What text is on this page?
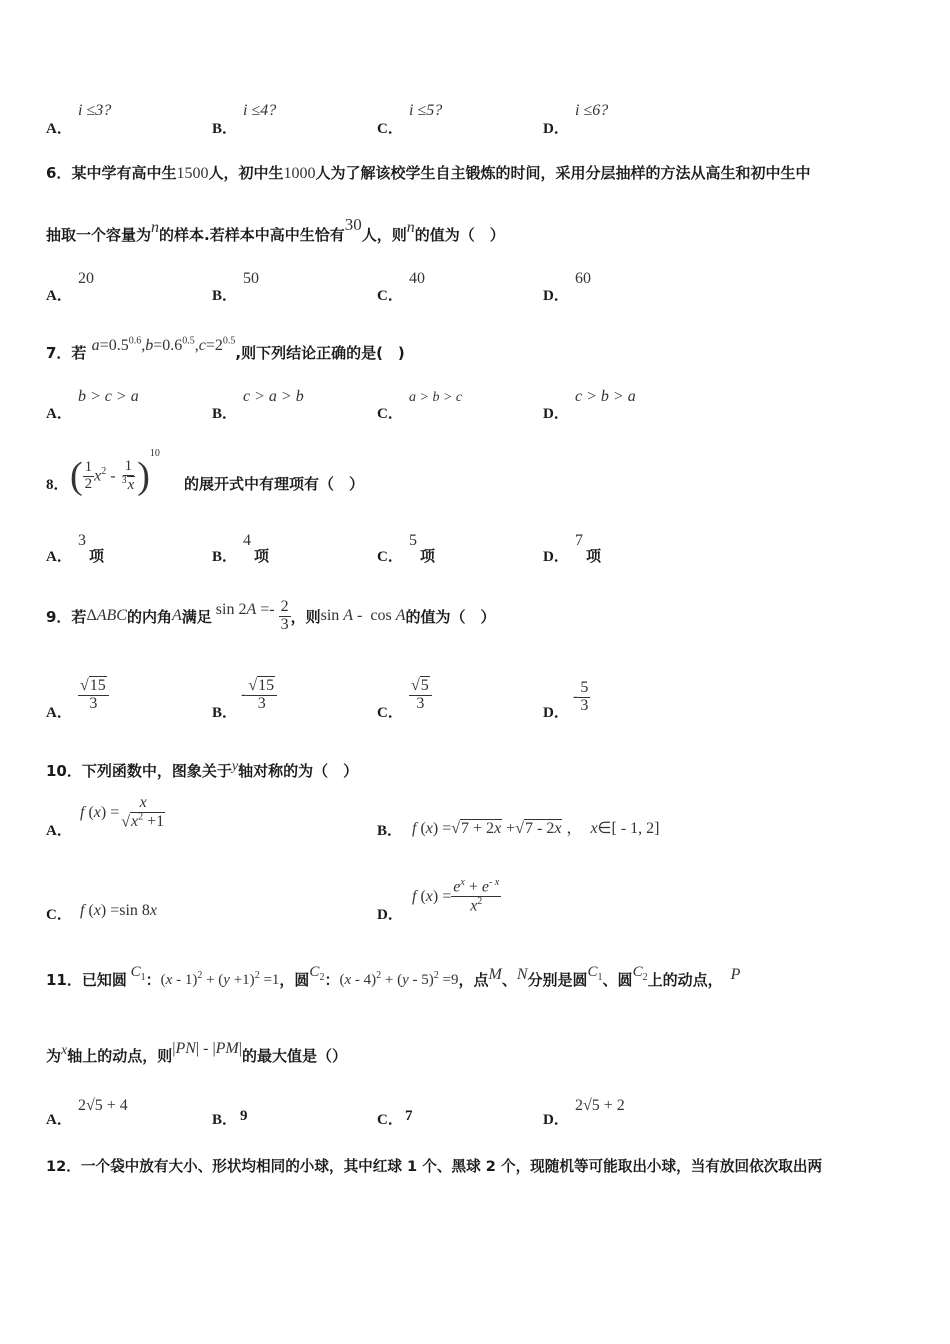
A．
i ≤3?
B．
i ≤4?
C．
i ≤5?
D．
i ≤6?
6．某中学有高中生1500人，初中生1000人为了解该校学生自主锻炼的时间，采用分层抽样的方法从高生和初中生中
抽取一个容量为n的样本.若样本中高中生恰有30人，则n的值为（　）
A．
20
B．
50
C．
40
D．
60
7．若 $a=0.5^{0.6},b=0.6^{0.5},c=2^{0.5}$,则下列结论正确的是(　)
A．
b > c > a
B．
c > a > b
C．
a > b > c
D．
c > b > a
8． ( $\frac{1}{2} x^2 - \frac{1}{^3x}$ )
$^{10}$
的展开式中有理项有（　）
A．
3
项	B．
4
项	C．
5
项	D．
7
项
9．若 ΔABC 的内角 A 满足 $\sin 2A =- \frac{2}{3}$ ，则 sin A -  cos A 的值为（　）
A．
$\frac{√15}{3}$
B．
- $\frac{√15}{3}$
C．
$\frac{√5}{3}$
D．
- $\frac{5}{3}$
10．下列函数中，图象关于y轴对称的为（　）
A．
f $(x) = \frac{x}{√x^2 +1}$
B． f (x) =√7 + 2x +√7 - 2x ，  x∈[ - 1, 2]
C． f (x) =sin 8x	D．
f $(x) = \frac{e^x + e^{- x}}{x^2}$
11．已知圆 $C_1$ ： $(x - 1)^2 + (y +1)^2 =1$ ，圆 $C_2$ ： (x - 4)$^2$ + (y - 5)$^2$ =9 ，点 M 、 N 分别是圆 $C_1$ 、圆 $C_2$ 上的动点， P
为 x 轴上的动点，则 |PN| - |PM| 的最大值是（）
A．
2√5 + 4
B． 9	C． 7	D．
2√5 + 2
12．一个袋中放有大小、形状均相同的小球，其中红球 1 个、黑球 2 个，现随机等可能取出小球，当有放回依次取出两
